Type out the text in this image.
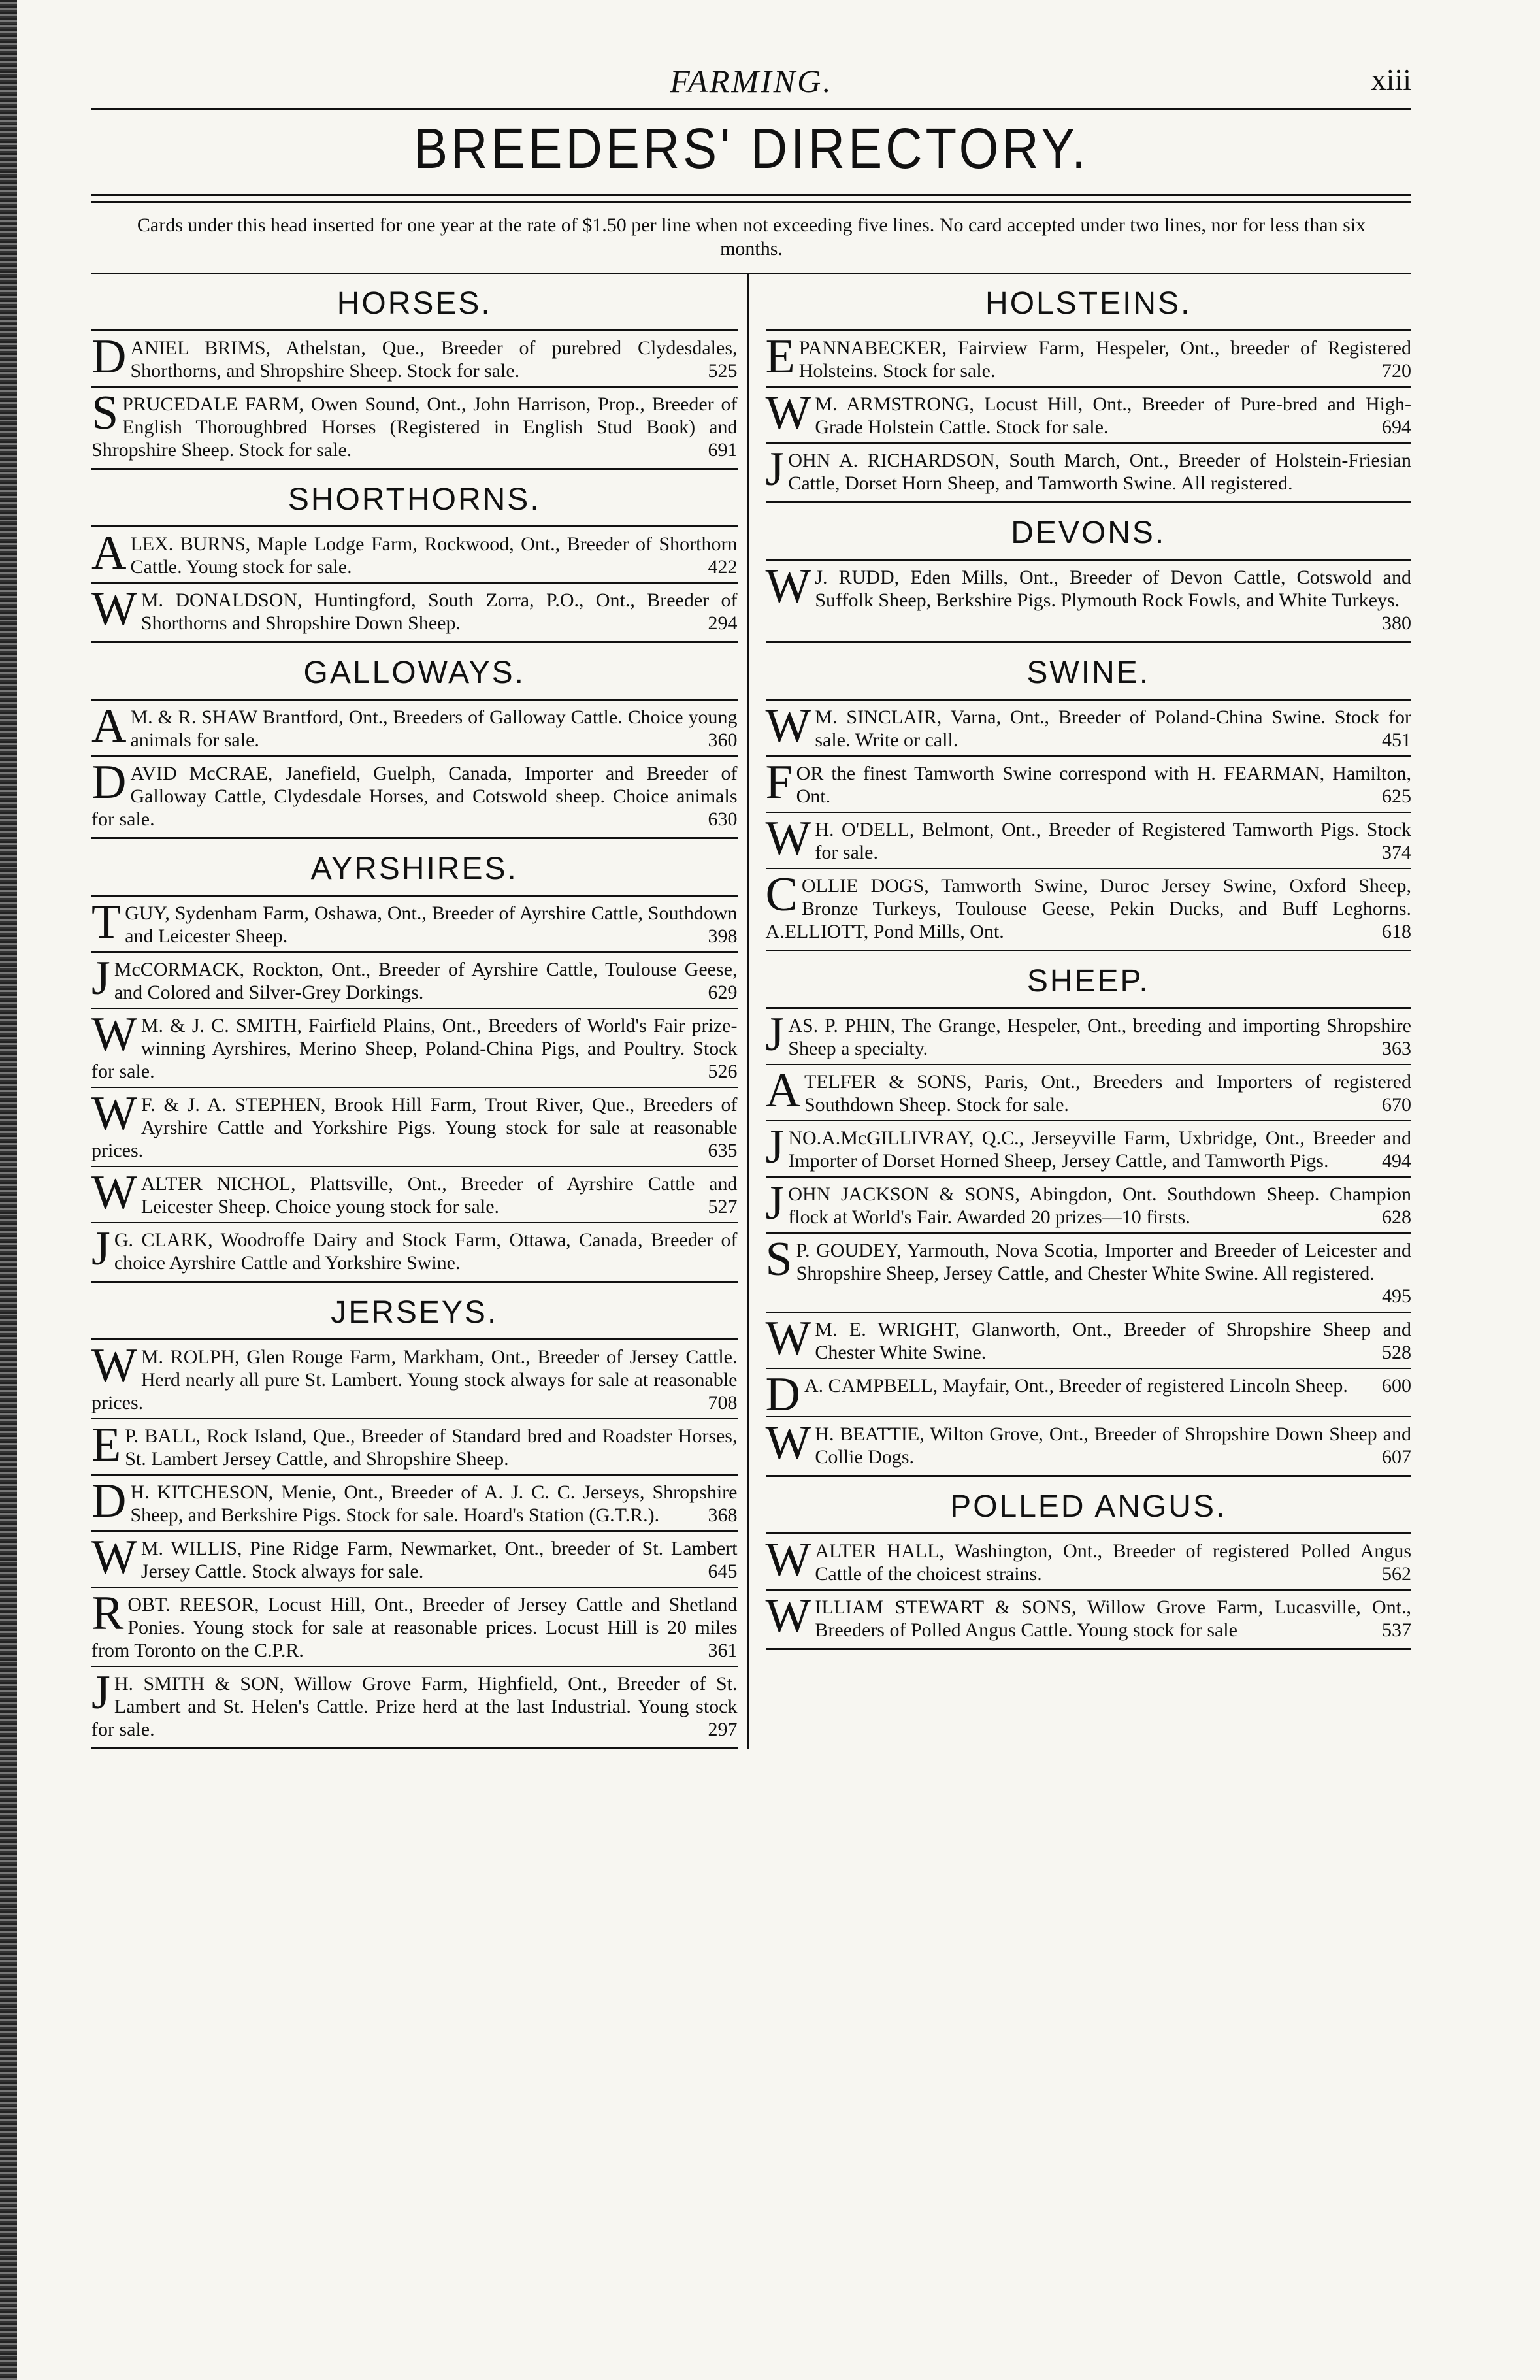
FARMING.	xiii
BREEDERS' DIRECTORY.
Cards under this head inserted for one year at the rate of $1.50 per line when not exceeding five lines. No card accepted under two lines, nor for less than six months.
HORSES.
DANIEL BRIMS, Athelstan, Que., Breeder of purebred Clydesdales, Shorthorns, and Shropshire Sheep. Stock for sale.	525
SPRUCEDALE FARM, Owen Sound, Ont., John Harrison, Prop., Breeder of English Thoroughbred Horses (Registered in English Stud Book) and Shropshire Sheep. Stock for sale.	691
SHORTHORNS.
ALEX. BURNS, Maple Lodge Farm, Rockwood, Ont., Breeder of Shorthorn Cattle. Young stock for sale.	422
W M. DONALDSON, Huntingford, South Zorra, P.O., Ont., Breeder of Shorthorns and Shropshire Down Sheep.	294
GALLOWAYS.
A M. & R. SHAW Brantford, Ont., Breeders of Galloway Cattle. Choice young animals for sale.	360
DAVID McCRAE, Janefield, Guelph, Canada, Importer and Breeder of Galloway Cattle, Clydesdale Horses, and Cotswold sheep. Choice animals for sale.	630
AYRSHIRES.
T GUY, Sydenham Farm, Oshawa, Ont., Breeder of Ayrshire Cattle, Southdown and Leicester Sheep.	398
J McCORMACK, Rockton, Ont., Breeder of Ayrshire Cattle, Toulouse Geese, and Colored and Silver-Grey Dorkings.	629
W M. & J. C. SMITH, Fairfield Plains, Ont., Breeders of World's Fair prize-winning Ayrshires, Merino Sheep, Poland-China Pigs, and Poultry. Stock for sale.	526
W F. & J. A. STEPHEN, Brook Hill Farm, Trout River, Que., Breeders of Ayrshire Cattle and Yorkshire Pigs. Young stock for sale at reasonable prices.	635
WALTER NICHOL, Plattsville, Ont., Breeder of Ayrshire Cattle and Leicester Sheep. Choice young stock for sale.	527
J G. CLARK, Woodroffe Dairy and Stock Farm, Ottawa, Canada, Breeder of choice Ayrshire Cattle and Yorkshire Swine.
JERSEYS.
W M. ROLPH, Glen Rouge Farm, Markham, Ont., Breeder of Jersey Cattle. Herd nearly all pure St. Lambert. Young stock always for sale at reasonable prices.	708
E P. BALL, Rock Island, Que., Breeder of Standard bred and Roadster Horses, St. Lambert Jersey Cattle, and Shropshire Sheep.
D H. KITCHESON, Menie, Ont., Breeder of A. J. C. C. Jerseys, Shropshire Sheep, and Berkshire Pigs. Stock for sale. Hoard's Station (G.T.R.). 368
W M. WILLIS, Pine Ridge Farm, Newmarket, Ont., breeder of St. Lambert Jersey Cattle. Stock always for sale.	645
ROBT. REESOR, Locust Hill, Ont., Breeder of Jersey Cattle and Shetland Ponies. Young stock for sale at reasonable prices. Locust Hill is 20 miles from Toronto on the C.P.R.	361
J H. SMITH & SON, Willow Grove Farm, Highfield, Ont., Breeder of St. Lambert and St. Helen's Cattle. Prize herd at the last Industrial. Young stock for sale.	297
HOLSTEINS.
E PANNABECKER, Fairview Farm, Hespeler, Ont., breeder of Registered Holsteins. Stock for sale.	720
W M. ARMSTRONG, Locust Hill, Ont., Breeder of Pure-bred and High-Grade Holstein Cattle. Stock for sale.	694
JOHN A. RICHARDSON, South March, Ont., Breeder of Holstein-Friesian Cattle, Dorset Horn Sheep, and Tamworth Swine. All registered.
DEVONS.
W J. RUDD, Eden Mills, Ont., Breeder of Devon Cattle, Cotswold and Suffolk Sheep, Berkshire Pigs. Plymouth Rock Fowls, and White Turkeys.
380
SWINE.
W M. SINCLAIR, Varna, Ont., Breeder of Poland-China Swine. Stock for sale. Write or call.	451
FOR the finest Tamworth Swine correspond with H. FEARMAN, Hamilton, Ont.	625
W H. O'DELL, Belmont, Ont., Breeder of Registered Tamworth Pigs. Stock for sale.	374
COLLIE DOGS, Tamworth Swine, Duroc Jersey Swine, Oxford Sheep, Bronze Turkeys, Toulouse Geese, Pekin Ducks, and Buff Leghorns. A.ELLIOTT, Pond Mills, Ont.	618
SHEEP.
JAS. P. PHIN, The Grange, Hespeler, Ont., breeding and importing Shropshire Sheep a specialty.	363
A TELFER & SONS, Paris, Ont., Breeders and Importers of registered Southdown Sheep. Stock for sale.	670
JNO.A.McGILLIVRAY, Q.C., Jerseyville Farm, Uxbridge, Ont., Breeder and Importer of Dorset Horned Sheep, Jersey Cattle, and Tamworth Pigs.	494
JOHN JACKSON & SONS, Abingdon, Ont. Southdown Sheep. Champion flock at World's Fair. Awarded 20 prizes—10 firsts.	628
S P. GOUDEY, Yarmouth, Nova Scotia, Importer and Breeder of Leicester and Shropshire Sheep, Jersey Cattle, and Chester White Swine. All registered.
495
W M. E. WRIGHT, Glanworth, Ont., Breeder of Shropshire Sheep and Chester White Swine.	528
D A. CAMPBELL, Mayfair, Ont., Breeder of registered Lincoln Sheep. 600
W H. BEATTIE, Wilton Grove, Ont., Breeder of Shropshire Down Sheep and Collie Dogs.	607
POLLED ANGUS.
WALTER HALL, Washington, Ont., Breeder of registered Polled Angus Cattle of the choicest strains.	562
WILLIAM STEWART & SONS, Willow Grove Farm, Lucasville, Ont., Breeders of Polled Angus Cattle. Young stock for sale	537
